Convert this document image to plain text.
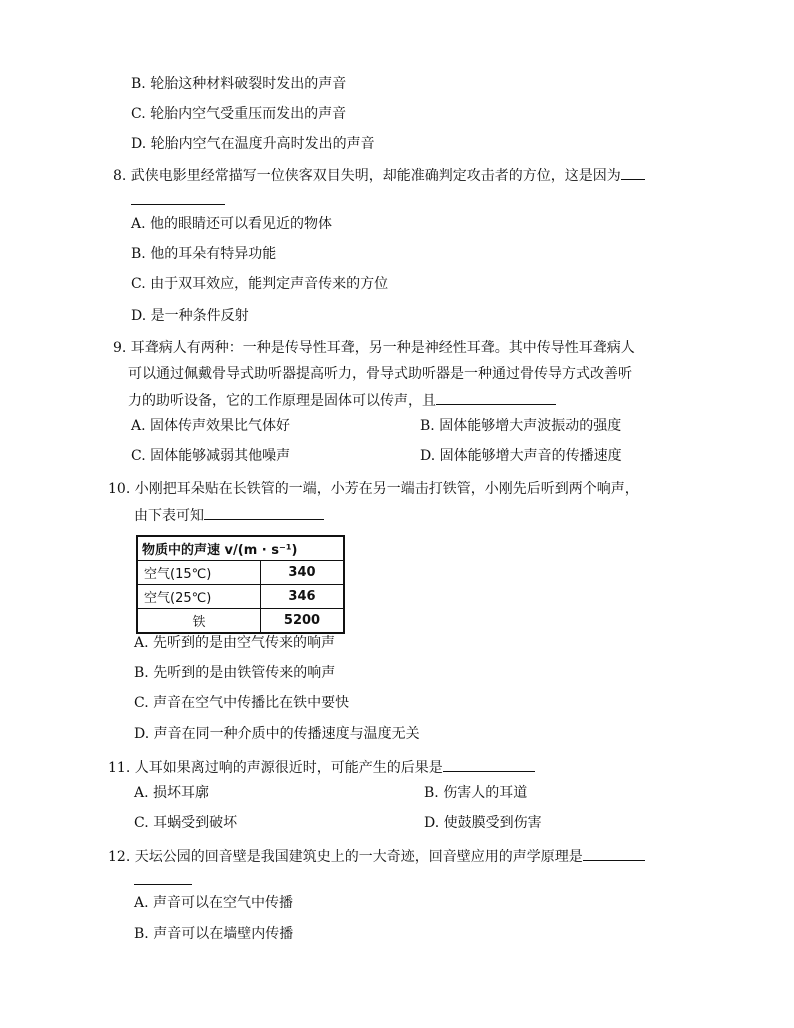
B. 轮胎这种材料破裂时发出的声音
C. 轮胎内空气受重压而发出的声音
D. 轮胎内空气在温度升高时发出的声音
8. 武侠电影里经常描写一位侠客双目失明，却能准确判定攻击者的方位，这是因为
A. 他的眼睛还可以看见近的物体
B. 他的耳朵有特异功能
C. 由于双耳效应，能判定声音传来的方位
D. 是一种条件反射
9. 耳聋病人有两种：一种是传导性耳聋，另一种是神经性耳聋。其中传导性耳聋病人
可以通过佩戴骨导式助听器提高听力，骨导式助听器是一种通过骨传导方式改善听
力的助听设备，它的工作原理是固体可以传声，且
A. 固体传声效果比气体好	B. 固体能够增大声波振动的强度
C. 固体能够减弱其他噪声	D. 固体能够增大声音的传播速度
10. 小刚把耳朵贴在长铁管的一端，小芳在另一端击打铁管，小刚先后听到两个响声，
由下表可知
物质中的声速 v/(m · s⁻¹)	
空气(15℃)	340
空气(25℃)	346
铁	5200
A. 先听到的是由空气传来的响声
B. 先听到的是由铁管传来的响声
C. 声音在空气中传播比在铁中要快
D. 声音在同一种介质中的传播速度与温度无关
11. 人耳如果离过响的声源很近时，可能产生的后果是
A. 损坏耳廓	B. 伤害人的耳道
C. 耳蜗受到破坏	D. 使鼓膜受到伤害
12. 天坛公园的回音壁是我国建筑史上的一大奇迹，回音壁应用的声学原理是
A. 声音可以在空气中传播
B. 声音可以在墙壁内传播
